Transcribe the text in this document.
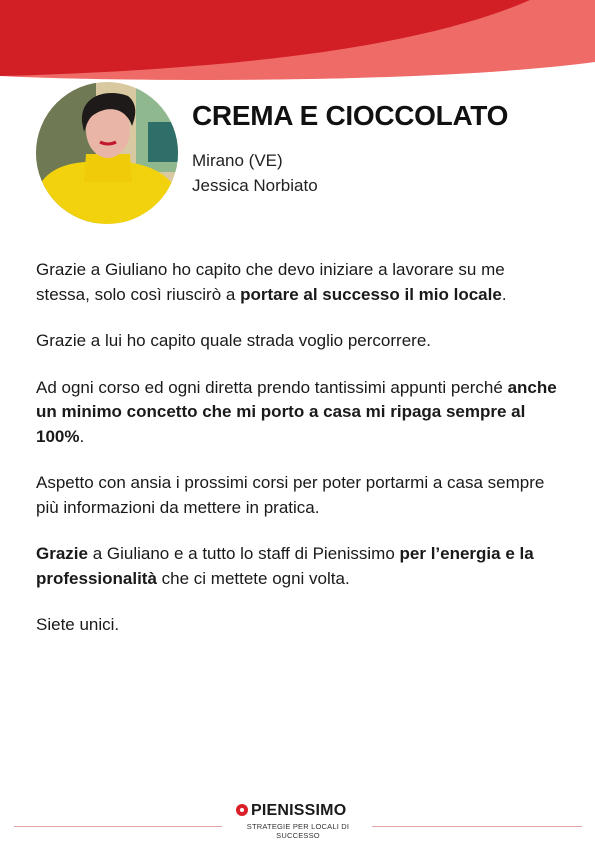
CREMA E CIOCCOLATO
Mirano (VE)
Jessica Norbiato

Grazie a Giuliano ho capito che devo iniziare a lavorare su me stessa, solo così riuscirò a portare al successo il mio locale.

Grazie a lui ho capito quale strada voglio percorrere.

Ad ogni corso ed ogni diretta prendo tantissimi appunti perché anche un minimo concetto che mi porto a casa mi ripaga sempre al 100%.

Aspetto con ansia i prossimi corsi per poter portarmi a casa sempre più informazioni da mettere in pratica.

Grazie a Giuliano e a tutto lo staff di Pienissimo per l’energia e la professionalità che ci mettete ogni volta.

Siete unici.

PIENISSIMO
STRATEGIE PER LOCALI DI SUCCESSO
